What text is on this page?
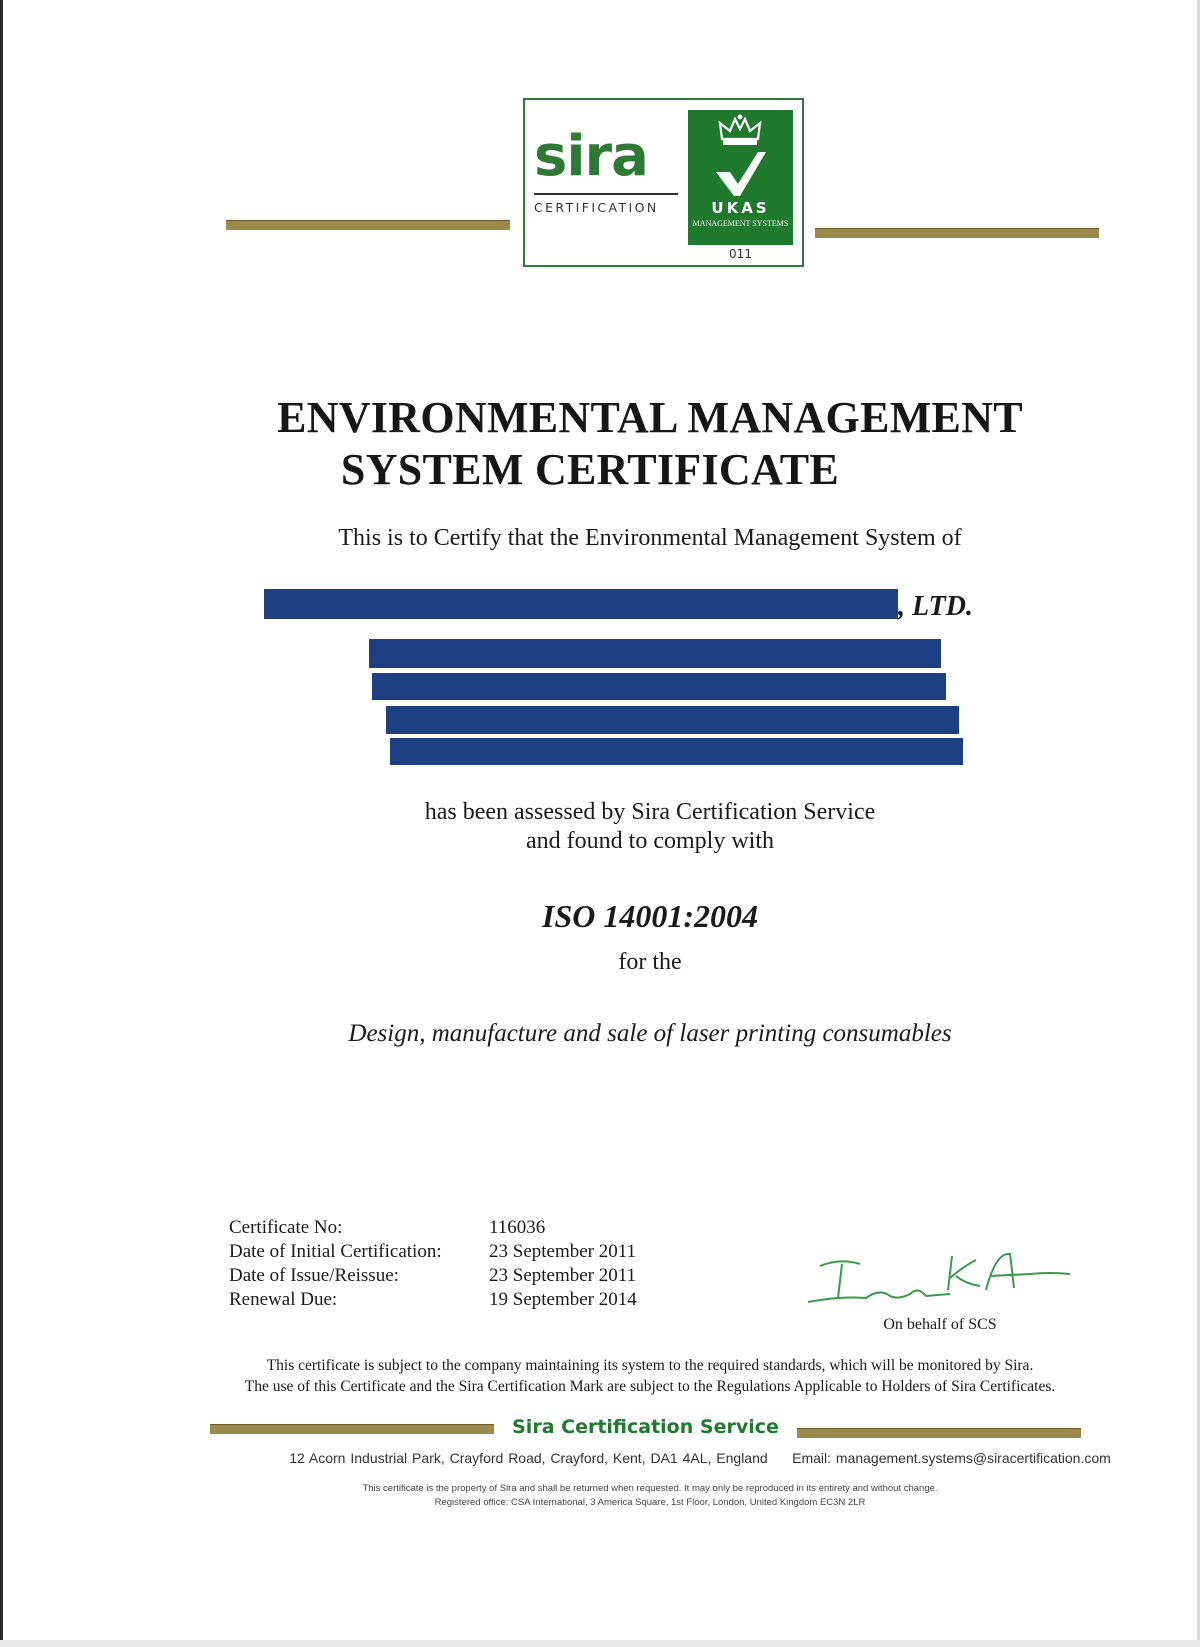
sira
CERTIFICATION	UKAS
MANAGEMENT SYSTEMS
011
ENVIRONMENTAL MANAGEMENT
SYSTEM CERTIFICATE
This is to Certify that the Environmental Management System of
, LTD.
has been assessed by Sira Certification Service
and found to comply with
ISO 14001:2004
for the
Design, manufacture and sale of laser printing consumables
Certificate No:	116036
Date of Initial Certification:	23 September 2011
Date of Issue/Reissue:	23 September 2011
Renewal Due:	19 September 2014
On behalf of SCS
This certificate is subject to the company maintaining its system to the required standards, which will be monitored by Sira.
The use of this Certificate and the Sira Certification Mark are subject to the Regulations Applicable to Holders of Sira Certificates.
Sira Certification Service
12 Acorn Industrial Park, Crayford Road, Crayford, Kent, DA1 4AL, England Email: management.systems@siracertification.com
This certificate is the property of Sira and shall be returned when requested. It may only be reproduced in its entirety and without change.
Registered office: CSA International, 3 America Square, 1st Floor, London, United Kingdom EC3N 2LR
